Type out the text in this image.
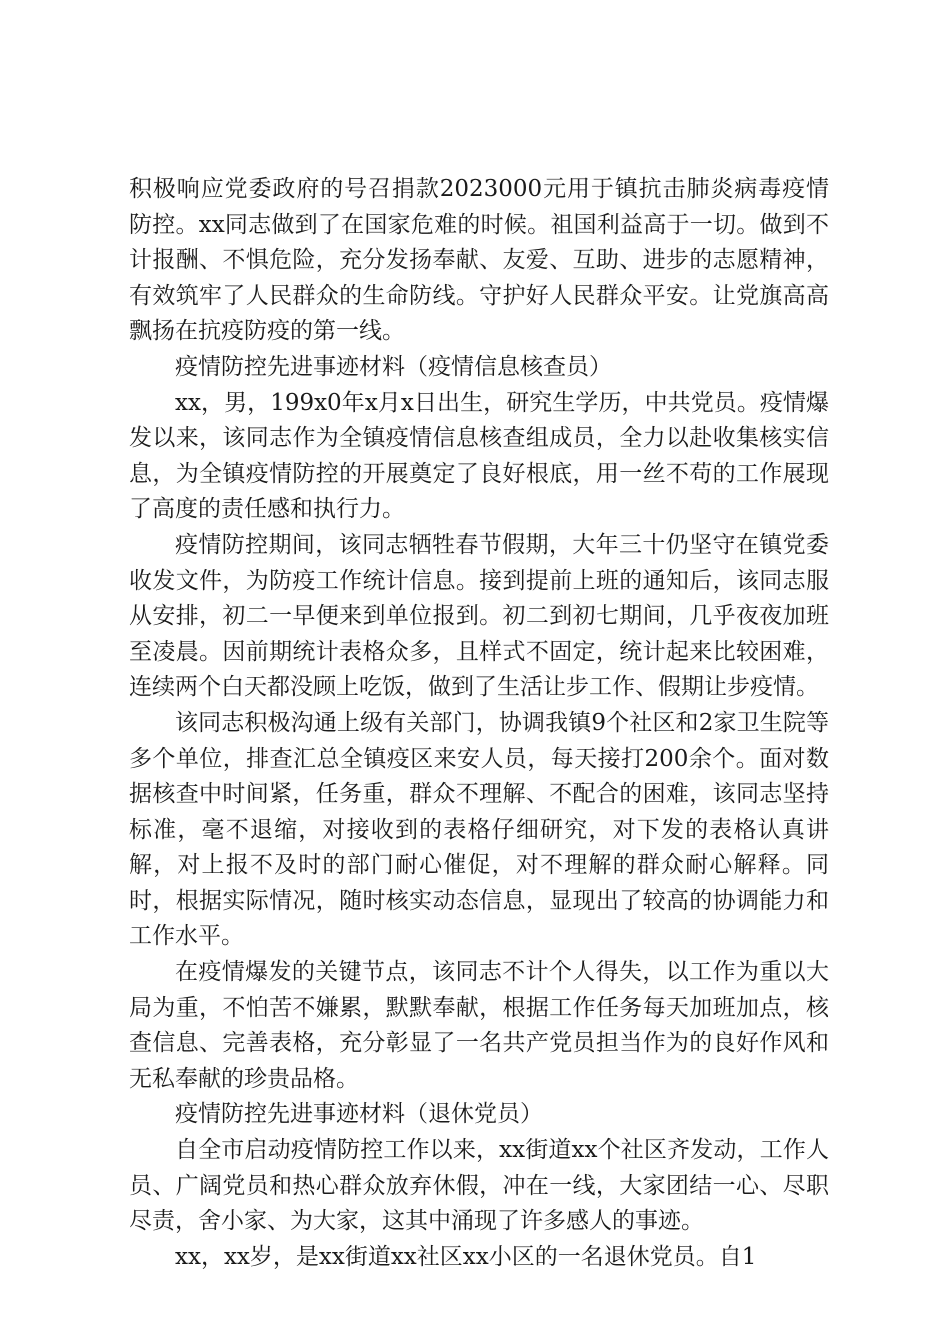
积极响应党委政府的号召捐款2023000元用于镇抗击肺炎病毒疫情防控。xx同志做到了在国家危难的时候。祖国利益高于一切。做到不计报酬、不惧危险，充分发扬奉献、友爱、互助、进步的志愿精神，有效筑牢了人民群众的生命防线。守护好人民群众平安。让党旗高高飘扬在抗疫防疫的第一线。

疫情防控先进事迹材料（疫情信息核查员）

xx，男，199x0年x月x日出生，研究生学历，中共党员。疫情爆发以来，该同志作为全镇疫情信息核查组成员，全力以赴收集核实信息，为全镇疫情防控的开展奠定了良好根底，用一丝不苟的工作展现了高度的责任感和执行力。

疫情防控期间，该同志牺牲春节假期，大年三十仍坚守在镇党委收发文件，为防疫工作统计信息。接到提前上班的通知后，该同志服从安排，初二一早便来到单位报到。初二到初七期间，几乎夜夜加班至凌晨。因前期统计表格众多，且样式不固定，统计起来比较困难，连续两个白天都没顾上吃饭，做到了生活让步工作、假期让步疫情。

该同志积极沟通上级有关部门，协调我镇9个社区和2家卫生院等多个单位，排查汇总全镇疫区来安人员，每天接打200余个。面对数据核查中时间紧，任务重，群众不理解、不配合的困难，该同志坚持标准，毫不退缩，对接收到的表格仔细研究，对下发的表格认真讲解，对上报不及时的部门耐心催促，对不理解的群众耐心解释。同时，根据实际情况，随时核实动态信息，显现出了较高的协调能力和工作水平。

在疫情爆发的关键节点，该同志不计个人得失，以工作为重以大局为重，不怕苦不嫌累，默默奉献，根据工作任务每天加班加点，核查信息、完善表格，充分彰显了一名共产党员担当作为的良好作风和无私奉献的珍贵品格。

疫情防控先进事迹材料（退休党员）

自全市启动疫情防控工作以来，xx街道xx个社区齐发动，工作人员、广阔党员和热心群众放弃休假，冲在一线，大家团结一心、尽职尽责，舍小家、为大家，这其中涌现了许多感人的事迹。

xx，xx岁，是xx街道xx社区xx小区的一名退休党员。自1
